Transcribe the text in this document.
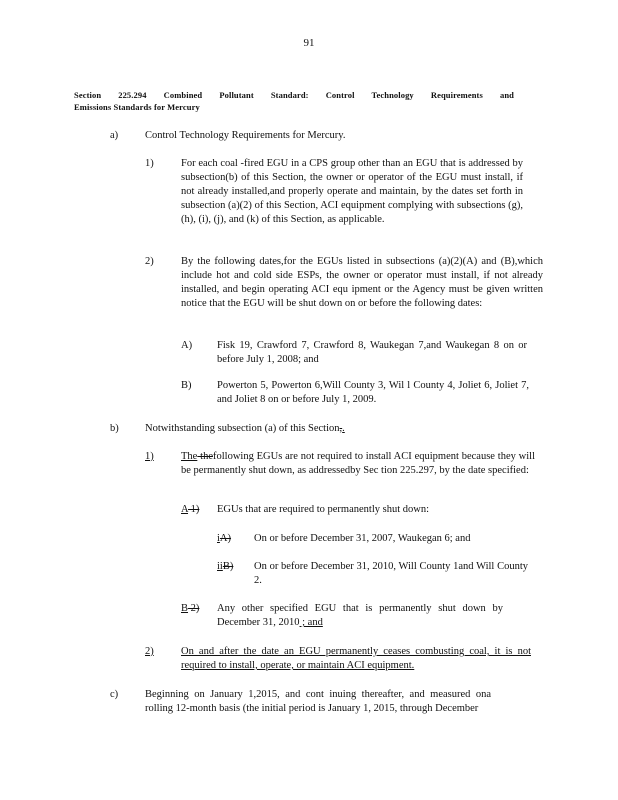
91
Section 225.294 Combined Pollutant Standard: Control Technology Requirements and
Emissions Standards for Mercury
a)	Control Technology Requirements for Mercury.
1)	For each coal -fired EGU in a CPS group other than an EGU that is addressed by subsection(b) of this Section, the owner or operator of the EGU must install, if not already installed,and properly operate and maintain, by the dates set forth in subsection (a)(2) of this Section, ACI equipment complying with subsections (g), (h), (i), (j), and (k) of this Section, as applicable.
2)	By the following dates,for the EGUs listed in subsections (a)(2)(A) and (B),which include hot and cold side ESPs, the owner or operator must install, if not already installed, and begin operating ACI equ ipment or the Agency must be given written notice that the EGU will be shut down on or before the following dates:
A) Fisk 19, Crawford 7, Crawford 8, Waukegan 7,and Waukegan 8 on or before July 1, 2008; and
B) Powerton 5, Powerton 6,Will County 3, Wil l County 4, Joliet 6, Joliet 7, and Joliet 8 on or before July 1, 2009.
b)	Notwithstanding subsection (a) of this Section,.
1)	The thefollowing EGUs are not required to install ACI equipment because they will be permanently shut down, as addressedby Sec tion 225.297, by the date specified:
A 1) EGUs that are required to permanently shut down:
iA) On or before December 31, 2007, Waukegan 6; and
iiB) On or before December 31, 2010, Will County 1and Will County 2.
B 2) Any other specified EGU that is permanently shut down by December 31, 2010 ; and
2)	On and after the date an EGU permanently ceases combusting coal, it is not required to install, operate, or maintain ACI equipment.
c)	Beginning on January 1,2015, and cont inuing thereafter, and measured ona rolling 12-month basis (the initial period is January 1, 2015, through December
